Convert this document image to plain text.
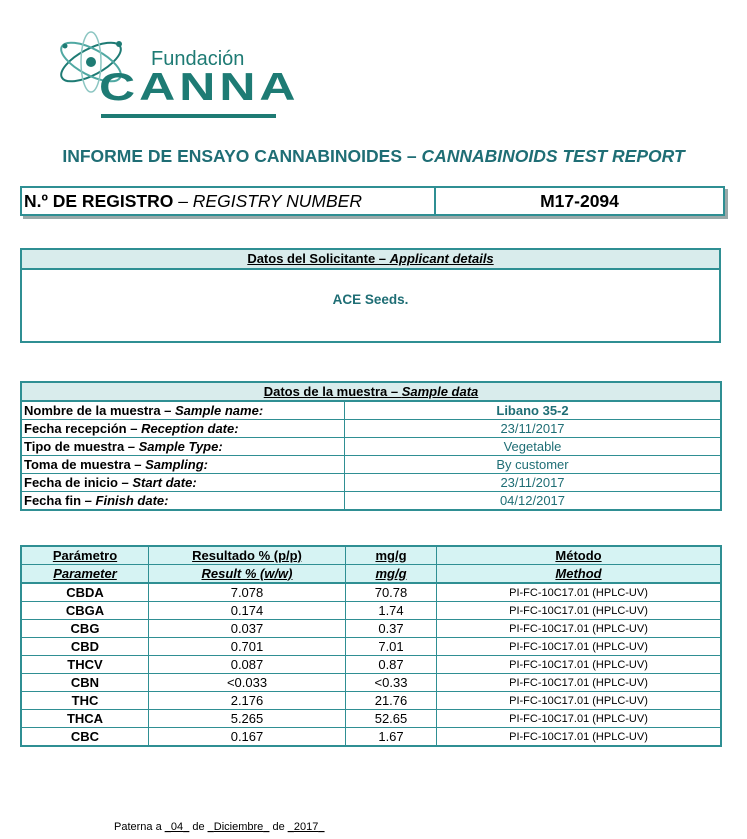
Fundación
CANNA
INFORME DE ENSAYO CANNABINOIDES – CANNABINOIDS TEST REPORT
N.º DE REGISTRO – REGISTRY NUMBER	M17-2094
Datos del Solicitante – Applicant details
ACE Seeds.
Datos de la muestra – Sample data	
Nombre de la muestra – Sample name:	Libano 35-2
Fecha recepción – Reception date:	23/11/2017
Tipo de muestra – Sample Type:	Vegetable
Toma de muestra – Sampling:	By customer
Fecha de inicio – Start date:	23/11/2017
Fecha fin – Finish date:	04/12/2017
Parámetro	Resultado % (p/p)	mg/g	Método
Parameter	Result % (w/w)	mg/g	Method
CBDA	7.078	70.78	PI-FC-10C17.01 (HPLC-UV)
CBGA	0.174	1.74	PI-FC-10C17.01 (HPLC-UV)
CBG	0.037	0.37	PI-FC-10C17.01 (HPLC-UV)
CBD	0.701	7.01	PI-FC-10C17.01 (HPLC-UV)
THCV	0.087	0.87	PI-FC-10C17.01 (HPLC-UV)
CBN	<0.033	<0.33	PI-FC-10C17.01 (HPLC-UV)
THC	2.176	21.76	PI-FC-10C17.01 (HPLC-UV)
THCA	5.265	52.65	PI-FC-10C17.01 (HPLC-UV)
CBC	0.167	1.67	PI-FC-10C17.01 (HPLC-UV)
Paterna a _04_ de _Diciembre_ de _2017_
